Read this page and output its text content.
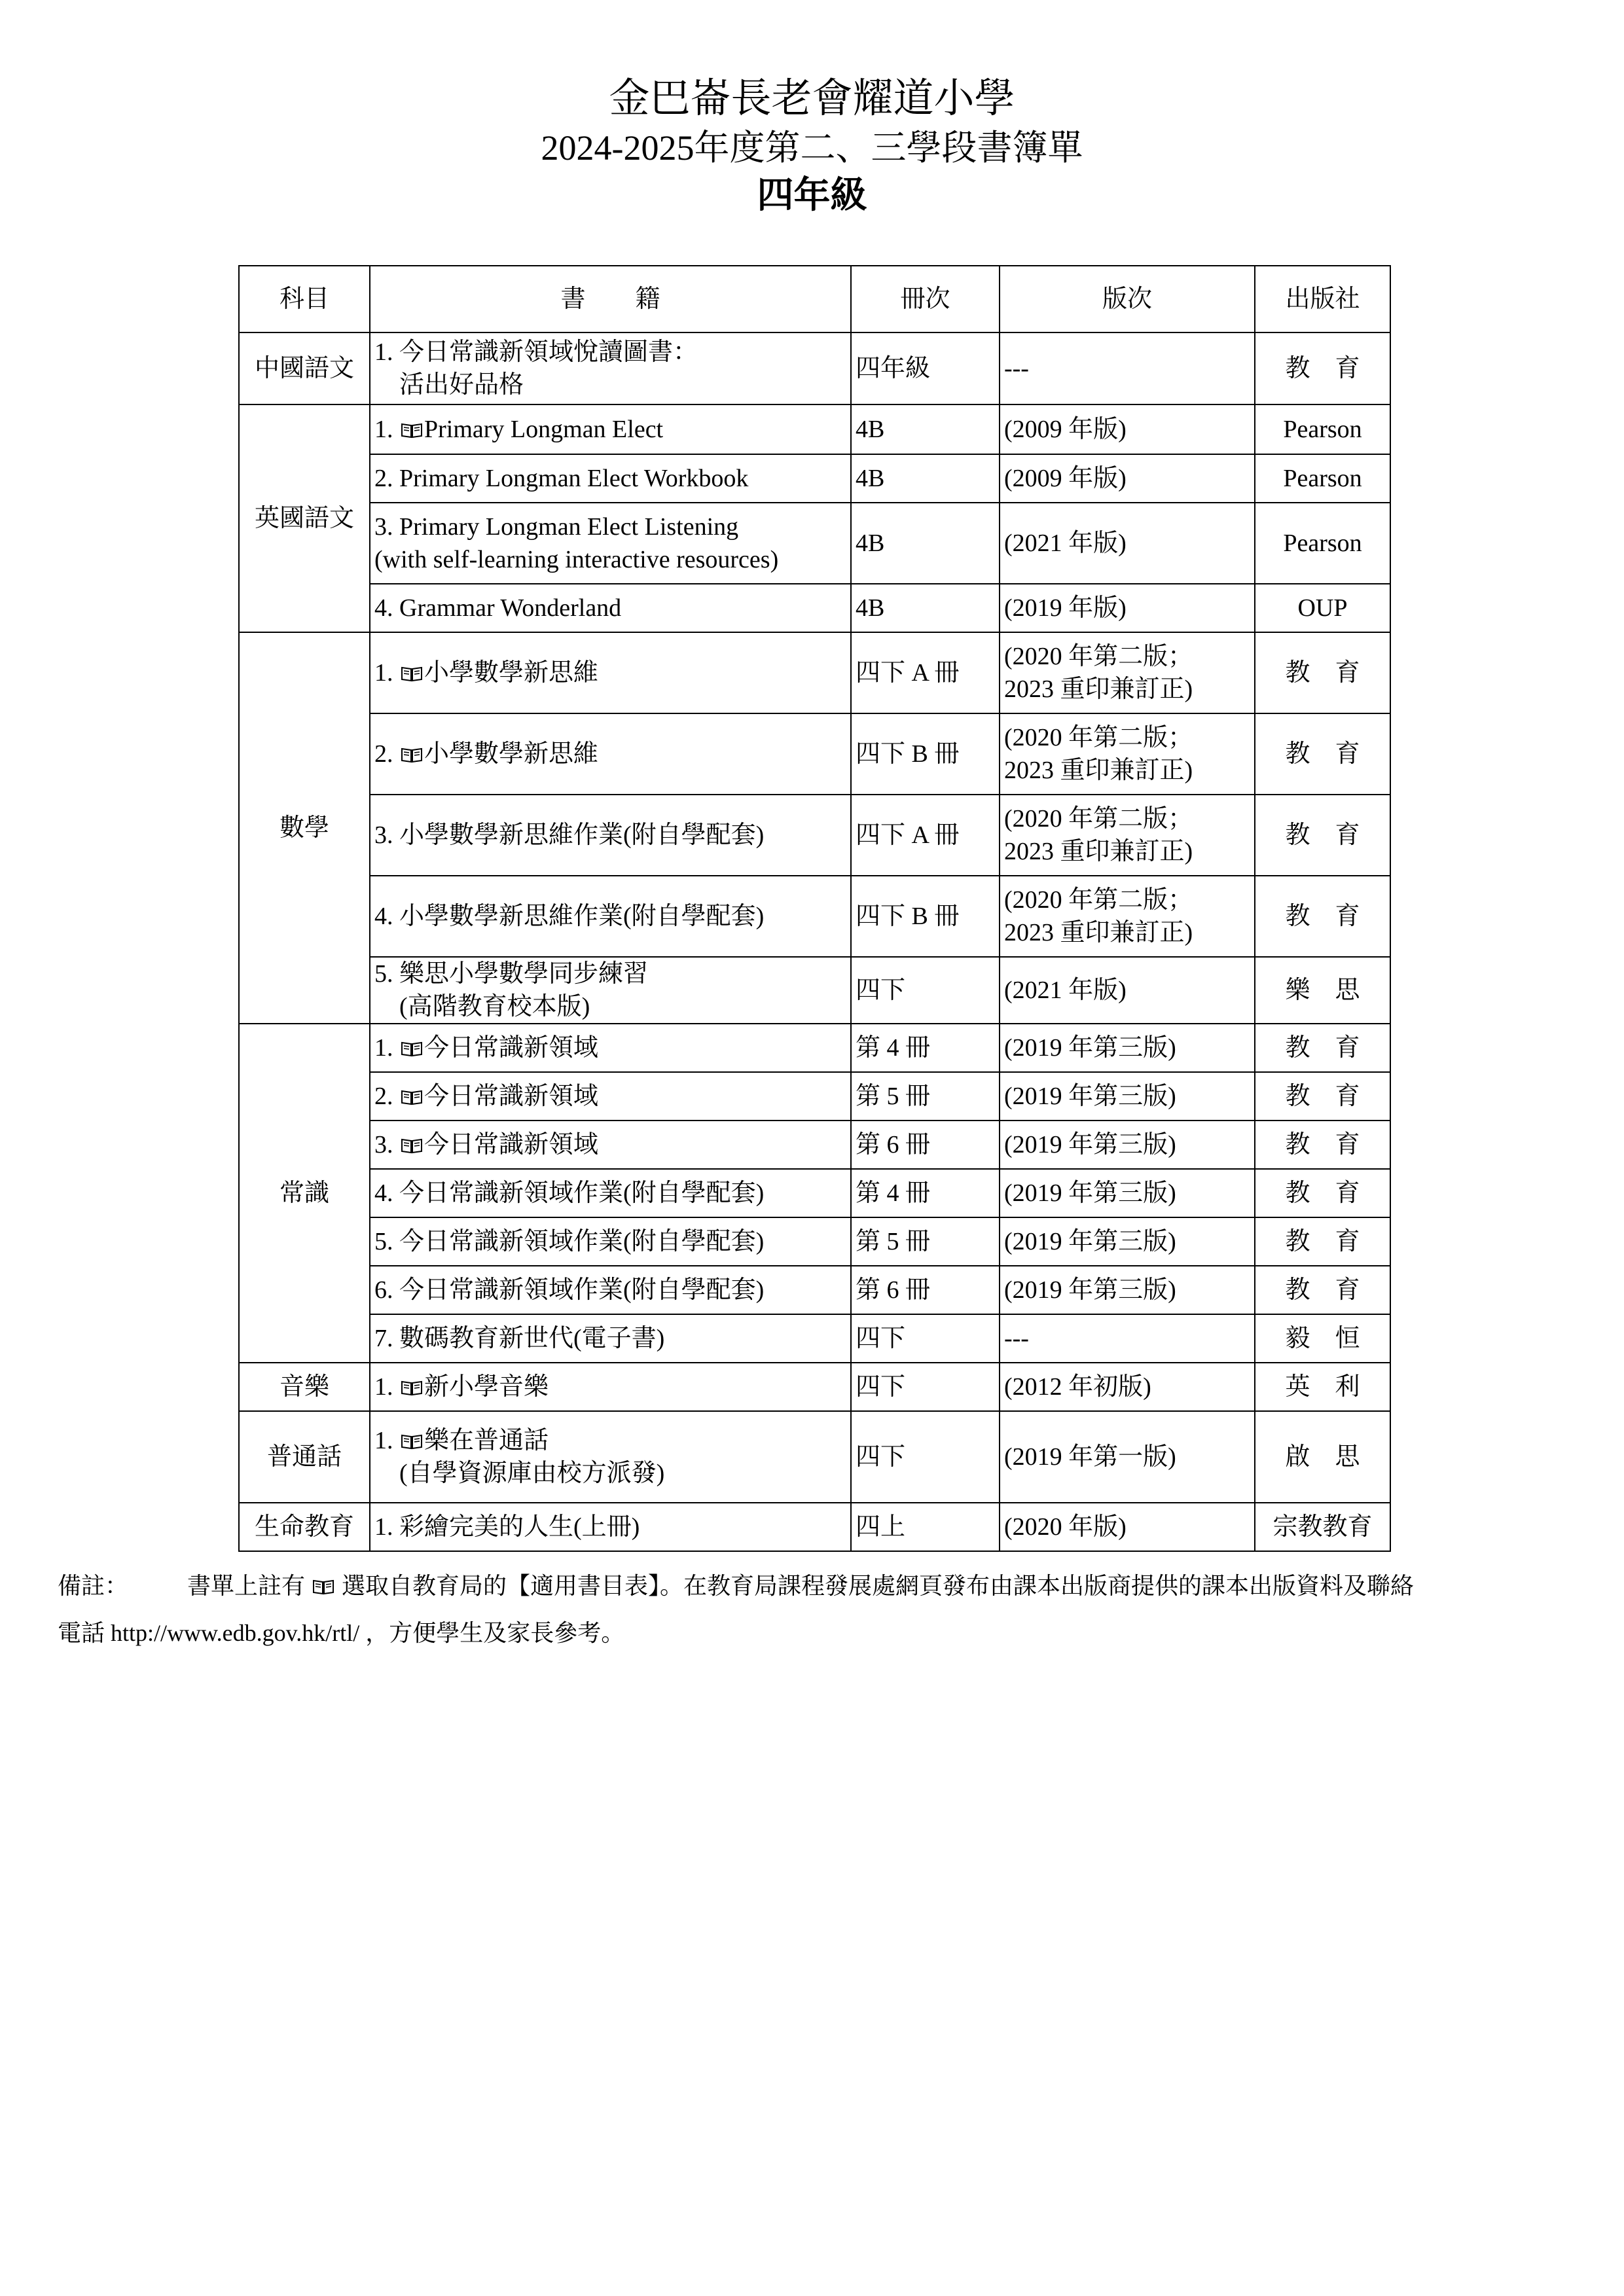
金巴崙長老會耀道小學
2024-2025年度第二、三學段書簿單
四年級
科目	書　　籍	冊次	版次	出版社
中國語文	1. 今日常識新領域悅讀圖書：
活出好品格	四年級	---	教　育
英國語文	1. Primary Longman Elect	4B	(2009 年版)	Pearson
	2. Primary Longman Elect Workbook	4B	(2009 年版)	Pearson
	3. Primary Longman Elect Listening
(with self-learning interactive resources)	4B	(2021 年版)	Pearson
	4. Grammar Wonderland	4B	(2019 年版)	OUP
數學	1. 小學數學新思維	四下 A 冊	(2020 年第二版；
2023 重印兼訂正)	教　育
	2. 小學數學新思維	四下 B 冊	(2020 年第二版；
2023 重印兼訂正)	教　育
	3. 小學數學新思維作業(附自學配套)	四下 A 冊	(2020 年第二版；
2023 重印兼訂正)	教　育
	4. 小學數學新思維作業(附自學配套)	四下 B 冊	(2020 年第二版；
2023 重印兼訂正)	教　育
	5. 樂思小學數學同步練習
(高階教育校本版)	四下	(2021 年版)	樂　思
常識	1. 今日常識新領域	第 4 冊	(2019 年第三版)	教　育
	2. 今日常識新領域	第 5 冊	(2019 年第三版)	教　育
	3. 今日常識新領域	第 6 冊	(2019 年第三版)	教　育
	4. 今日常識新領域作業(附自學配套)	第 4 冊	(2019 年第三版)	教　育
	5. 今日常識新領域作業(附自學配套)	第 5 冊	(2019 年第三版)	教　育
	6. 今日常識新領域作業(附自學配套)	第 6 冊	(2019 年第三版)	教　育
	7. 數碼教育新世代(電子書)	四下	---	毅　恒
音樂	1. 新小學音樂	四下	(2012 年初版)	英　利
普通話	1. 樂在普通話
(自學資源庫由校方派發)	四下	(2019 年第一版)	啟　思
生命教育	1. 彩繪完美的人生(上冊)	四上	(2020 年版)	宗教教育
備註：	書單上註有 選取自教育局的【適用書目表】。在教育局課程發展處網頁發布由課本出版商提供的課本出版資料及聯絡
電話 http://www.edb.gov.hk/rtl/ ，方便學生及家長參考。
